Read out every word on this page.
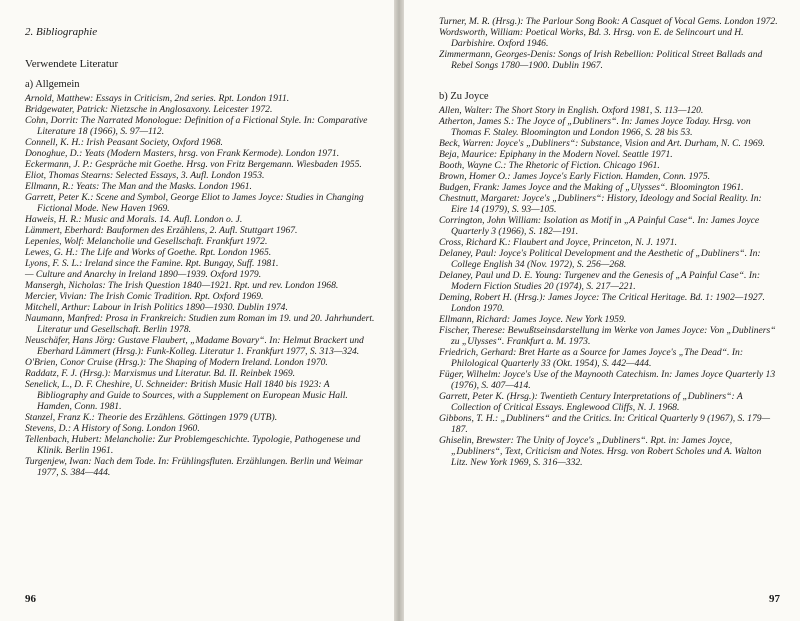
2. Bibliographie
Verwendete Literatur
a) Allgemein

Arnold, Matthew: Essays in Criticism, 2nd series. Rpt. London 1911.

Bridgewater, Patrick: Nietzsche in Anglosaxony. Leicester 1972.

Cohn, Dorrit: The Narrated Monologue: Definition of a Fictional Style. In: Comparative Literature 18 (1966), S. 97—112.

Connell, K. H.: Irish Peasant Society, Oxford 1968.

Donoghue, D.: Yeats (Modern Masters, hrsg. von Frank Kermode). London 1971.

Eckermann, J. P.: Gespräche mit Goethe. Hrsg. von Fritz Bergemann. Wiesbaden 1955.

Eliot, Thomas Stearns: Selected Essays, 3. Aufl. London 1953.

Ellmann, R.: Yeats: The Man and the Masks. London 1961.

Garrett, Peter K.: Scene and Symbol, George Eliot to James Joyce: Studies in Changing Fictional Mode. New Haven 1969.

Haweis, H. R.: Music and Morals. 14. Aufl. London o. J.

Lämmert, Eberhard: Bauformen des Erzählens, 2. Aufl. Stuttgart 1967.

Lepenies, Wolf: Melancholie und Gesellschaft. Frankfurt 1972.

Lewes, G. H.: The Life and Works of Goethe. Rpt. London 1965.

Lyons, F. S. L.: Ireland since the Famine. Rpt. Bungay, Suff. 1981.

— Culture and Anarchy in Ireland 1890—1939. Oxford 1979.

Mansergh, Nicholas: The Irish Question 1840—1921. Rpt. und rev. London 1968.

Mercier, Vivian: The Irish Comic Tradition. Rpt. Oxford 1969.

Mitchell, Arthur: Labour in Irish Politics 1890—1930. Dublin 1974.

Naumann, Manfred: Prosa in Frankreich: Studien zum Roman im 19. und 20. Jahrhundert. Literatur und Gesellschaft. Berlin 1978.

Neuschäfer, Hans Jörg: Gustave Flaubert, „Madame Bovary“. In: Helmut Brackert und Eberhard Lämmert (Hrsg.): Funk-Kolleg. Literatur 1. Frankfurt 1977, S. 313—324.

O'Brien, Conor Cruise (Hrsg.): The Shaping of Modern Ireland. London 1970.

Raddatz, F. J. (Hrsg.): Marxismus und Literatur. Bd. II. Reinbek 1969.

Senelick, L., D. F. Cheshire, U. Schneider: British Music Hall 1840 bis 1923: A Bibliography and Guide to Sources, with a Supplement on European Music Hall. Hamden, Conn. 1981.

Stanzel, Franz K.: Theorie des Erzählens. Göttingen 1979 (UTB).

Stevens, D.: A History of Song. London 1960.

Tellenbach, Hubert: Melancholie: Zur Problemgeschichte. Typologie, Pathogenese und Klinik. Berlin 1961.

Turgenjew, Iwan: Nach dem Tode. In: Frühlingsfluten. Erzählungen. Berlin und Weimar 1977, S. 384—444.

96

Turner, M. R. (Hrsg.): The Parlour Song Book: A Casquet of Vocal Gems. London 1972.

Wordsworth, William: Poetical Works, Bd. 3. Hrsg. von E. de Selincourt und H. Darbishire. Oxford 1946.

Zimmermann, Georges-Denis: Songs of Irish Rebellion: Political Street Ballads and Rebel Songs 1780—1900. Dublin 1967.

b) Zu Joyce

Allen, Walter: The Short Story in English. Oxford 1981, S. 113—120.

Atherton, James S.: The Joyce of „Dubliners“. In: James Joyce Today. Hrsg. von Thomas F. Staley. Bloomington und London 1966, S. 28 bis 53.

Beck, Warren: Joyce's „Dubliners“: Substance, Vision and Art. Durham, N. C. 1969.

Beja, Maurice: Epiphany in the Modern Novel. Seattle 1971.

Booth, Wayne C.: The Rhetoric of Fiction. Chicago 1961.

Brown, Homer O.: James Joyce's Early Fiction. Hamden, Conn. 1975.

Budgen, Frank: James Joyce and the Making of „Ulysses“. Bloomington 1961.

Chestnutt, Margaret: Joyce's „Dubliners“: History, Ideology and Social Reality. In: Eire 14 (1979), S. 93—105.

Corrington, John William: Isolation as Motif in „A Painful Case“. In: James Joyce Quarterly 3 (1966), S. 182—191.

Cross, Richard K.: Flaubert and Joyce, Princeton, N. J. 1971.

Delaney, Paul: Joyce's Political Development and the Aesthetic of „Dubliners“. In: College English 34 (Nov. 1972), S. 256—268.

Delaney, Paul und D. E. Young: Turgenev and the Genesis of „A Painful Case“. In: Modern Fiction Studies 20 (1974), S. 217—221.

Deming, Robert H. (Hrsg.): James Joyce: The Critical Heritage. Bd. 1: 1902—1927. London 1970.

Ellmann, Richard: James Joyce. New York 1959.

Fischer, Therese: Bewußtseinsdarstellung im Werke von James Joyce: Von „Dubliners“ zu „Ulysses“. Frankfurt a. M. 1973.

Friedrich, Gerhard: Bret Harte as a Source for James Joyce's „The Dead“. In: Philological Quarterly 33 (Okt. 1954), S. 442—444.

Füger, Wilhelm: Joyce's Use of the Maynooth Catechism. In: James Joyce Quarterly 13 (1976), S. 407—414.

Garrett, Peter K. (Hrsg.): Twentieth Century Interpretations of „Dubliners“: A Collection of Critical Essays. Englewood Cliffs, N. J. 1968.

Gibbons, T. H.: „Dubliners“ and the Critics. In: Critical Quarterly 9 (1967), S. 179—187.

Ghiselin, Brewster: The Unity of Joyce's „Dubliners“. Rpt. in: James Joyce, „Dubliners“, Text, Criticism and Notes. Hrsg. von Robert Scholes und A. Walton Litz. New York 1969, S. 316—332.

97
